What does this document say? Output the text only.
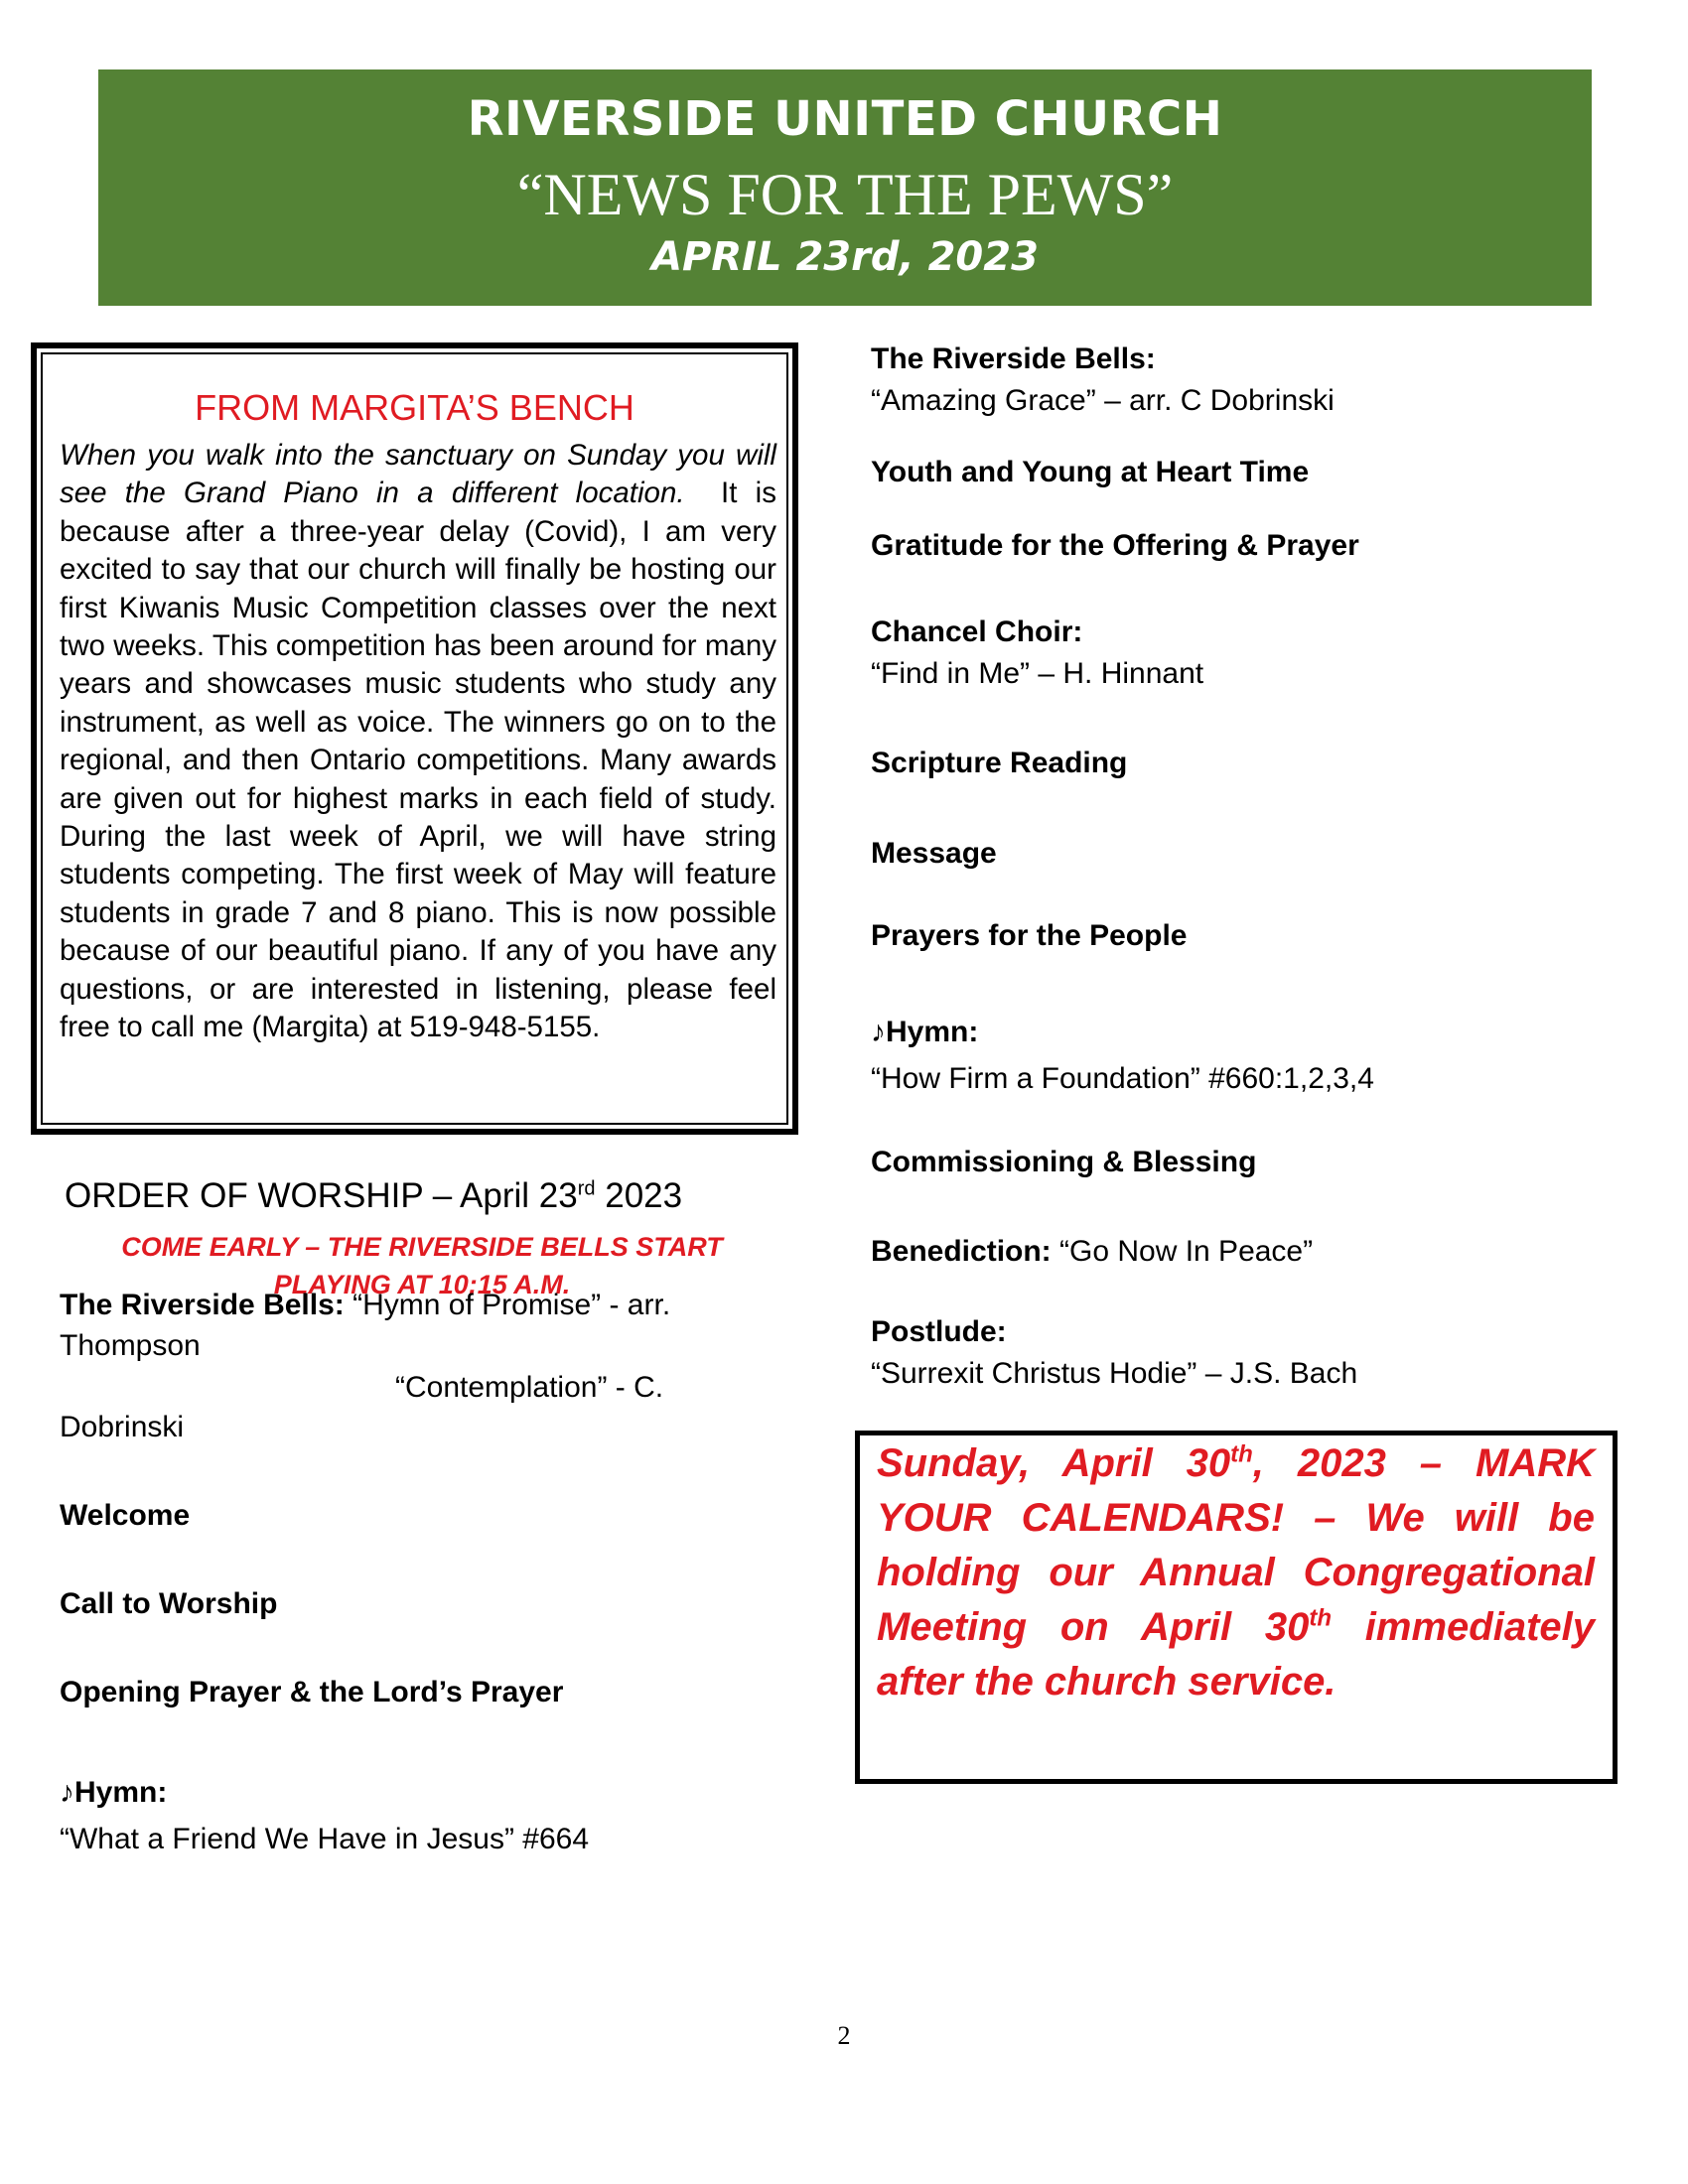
RIVERSIDE UNITED CHURCH
“NEWS FOR THE PEWS”
APRIL 23rd, 2023
FROM MARGITA’S BENCH
When you walk into the sanctuary on Sunday you will see the Grand Piano in a different location. It is because after a three-year delay (Covid), I am very excited to say that our church will finally be hosting our first Kiwanis Music Competition classes over the next two weeks. This competition has been around for many years and showcases music students who study any instrument, as well as voice. The winners go on to the regional, and then Ontario competitions. Many awards are given out for highest marks in each field of study. During the last week of April, we will have string students competing. The first week of May will feature students in grade 7 and 8 piano. This is now possible because of our beautiful piano. If any of you have any questions, or are interested in listening, please feel free to call me (Margita) at 519-948-5155.
ORDER OF WORSHIP – April 23rd 2023
COME EARLY – THE RIVERSIDE BELLS START
PLAYING AT 10:15 A.M.
The Riverside Bells: “Hymn of Promise” - arr.
Thompson
“Contemplation” - C.
Dobrinski
Welcome
Call to Worship
Opening Prayer & the Lord’s Prayer
♪Hymn:
“What a Friend We Have in Jesus” #664
The Riverside Bells:
“Amazing Grace” – arr. C Dobrinski
Youth and Young at Heart Time
Gratitude for the Offering & Prayer
Chancel Choir:
“Find in Me” – H. Hinnant
Scripture Reading
Message
Prayers for the People
♪Hymn:
“How Firm a Foundation” #660:1,2,3,4
Commissioning & Blessing
Benediction: “Go Now In Peace”
Postlude:
“Surrexit Christus Hodie” – J.S. Bach
Sunday, April 30th, 2023 – MARK YOUR CALENDARS! – We will be holding our Annual Congregational Meeting on April 30th immediately after the church service.
2
